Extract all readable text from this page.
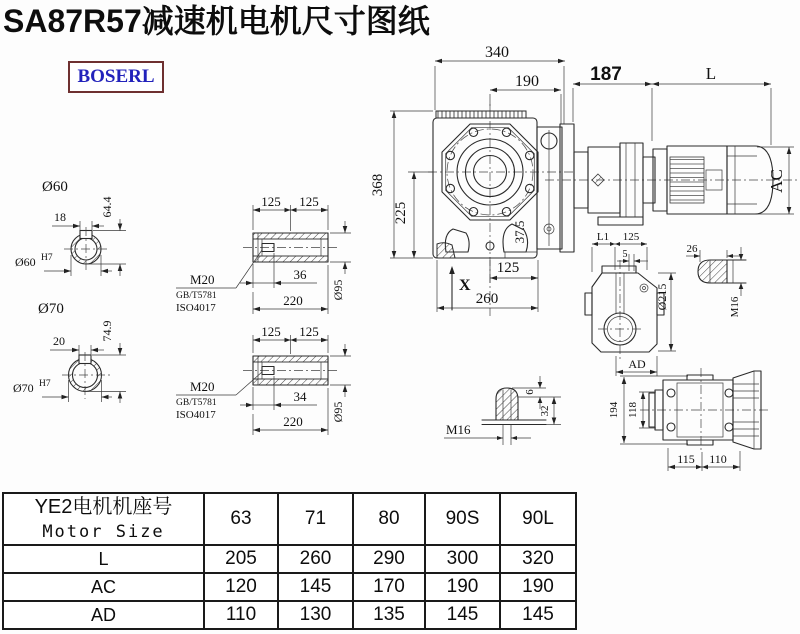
SA87R57减速机电机尺寸图纸
BOSERL
37.5
340
190
368
225
125
260
X
187	L
AC
Ø60
18	64.4
Ø60 H7
Ø70
20	74.9
Ø70 H7
125 125
36
220
Ø95
M20
GB/T5781
ISO4017
125 125
34
220 Ø95
M20
GB/T5781
ISO4017
L1 125
5
Ø215
AD
26
M16
M16
6
32	194 118
115 110
YE2电机机座号
Motor Size	63	71	80	90S	90L
L	205	260	290	300	320
AC	120	145	170	190	190
AD	110	130	135	145	145
